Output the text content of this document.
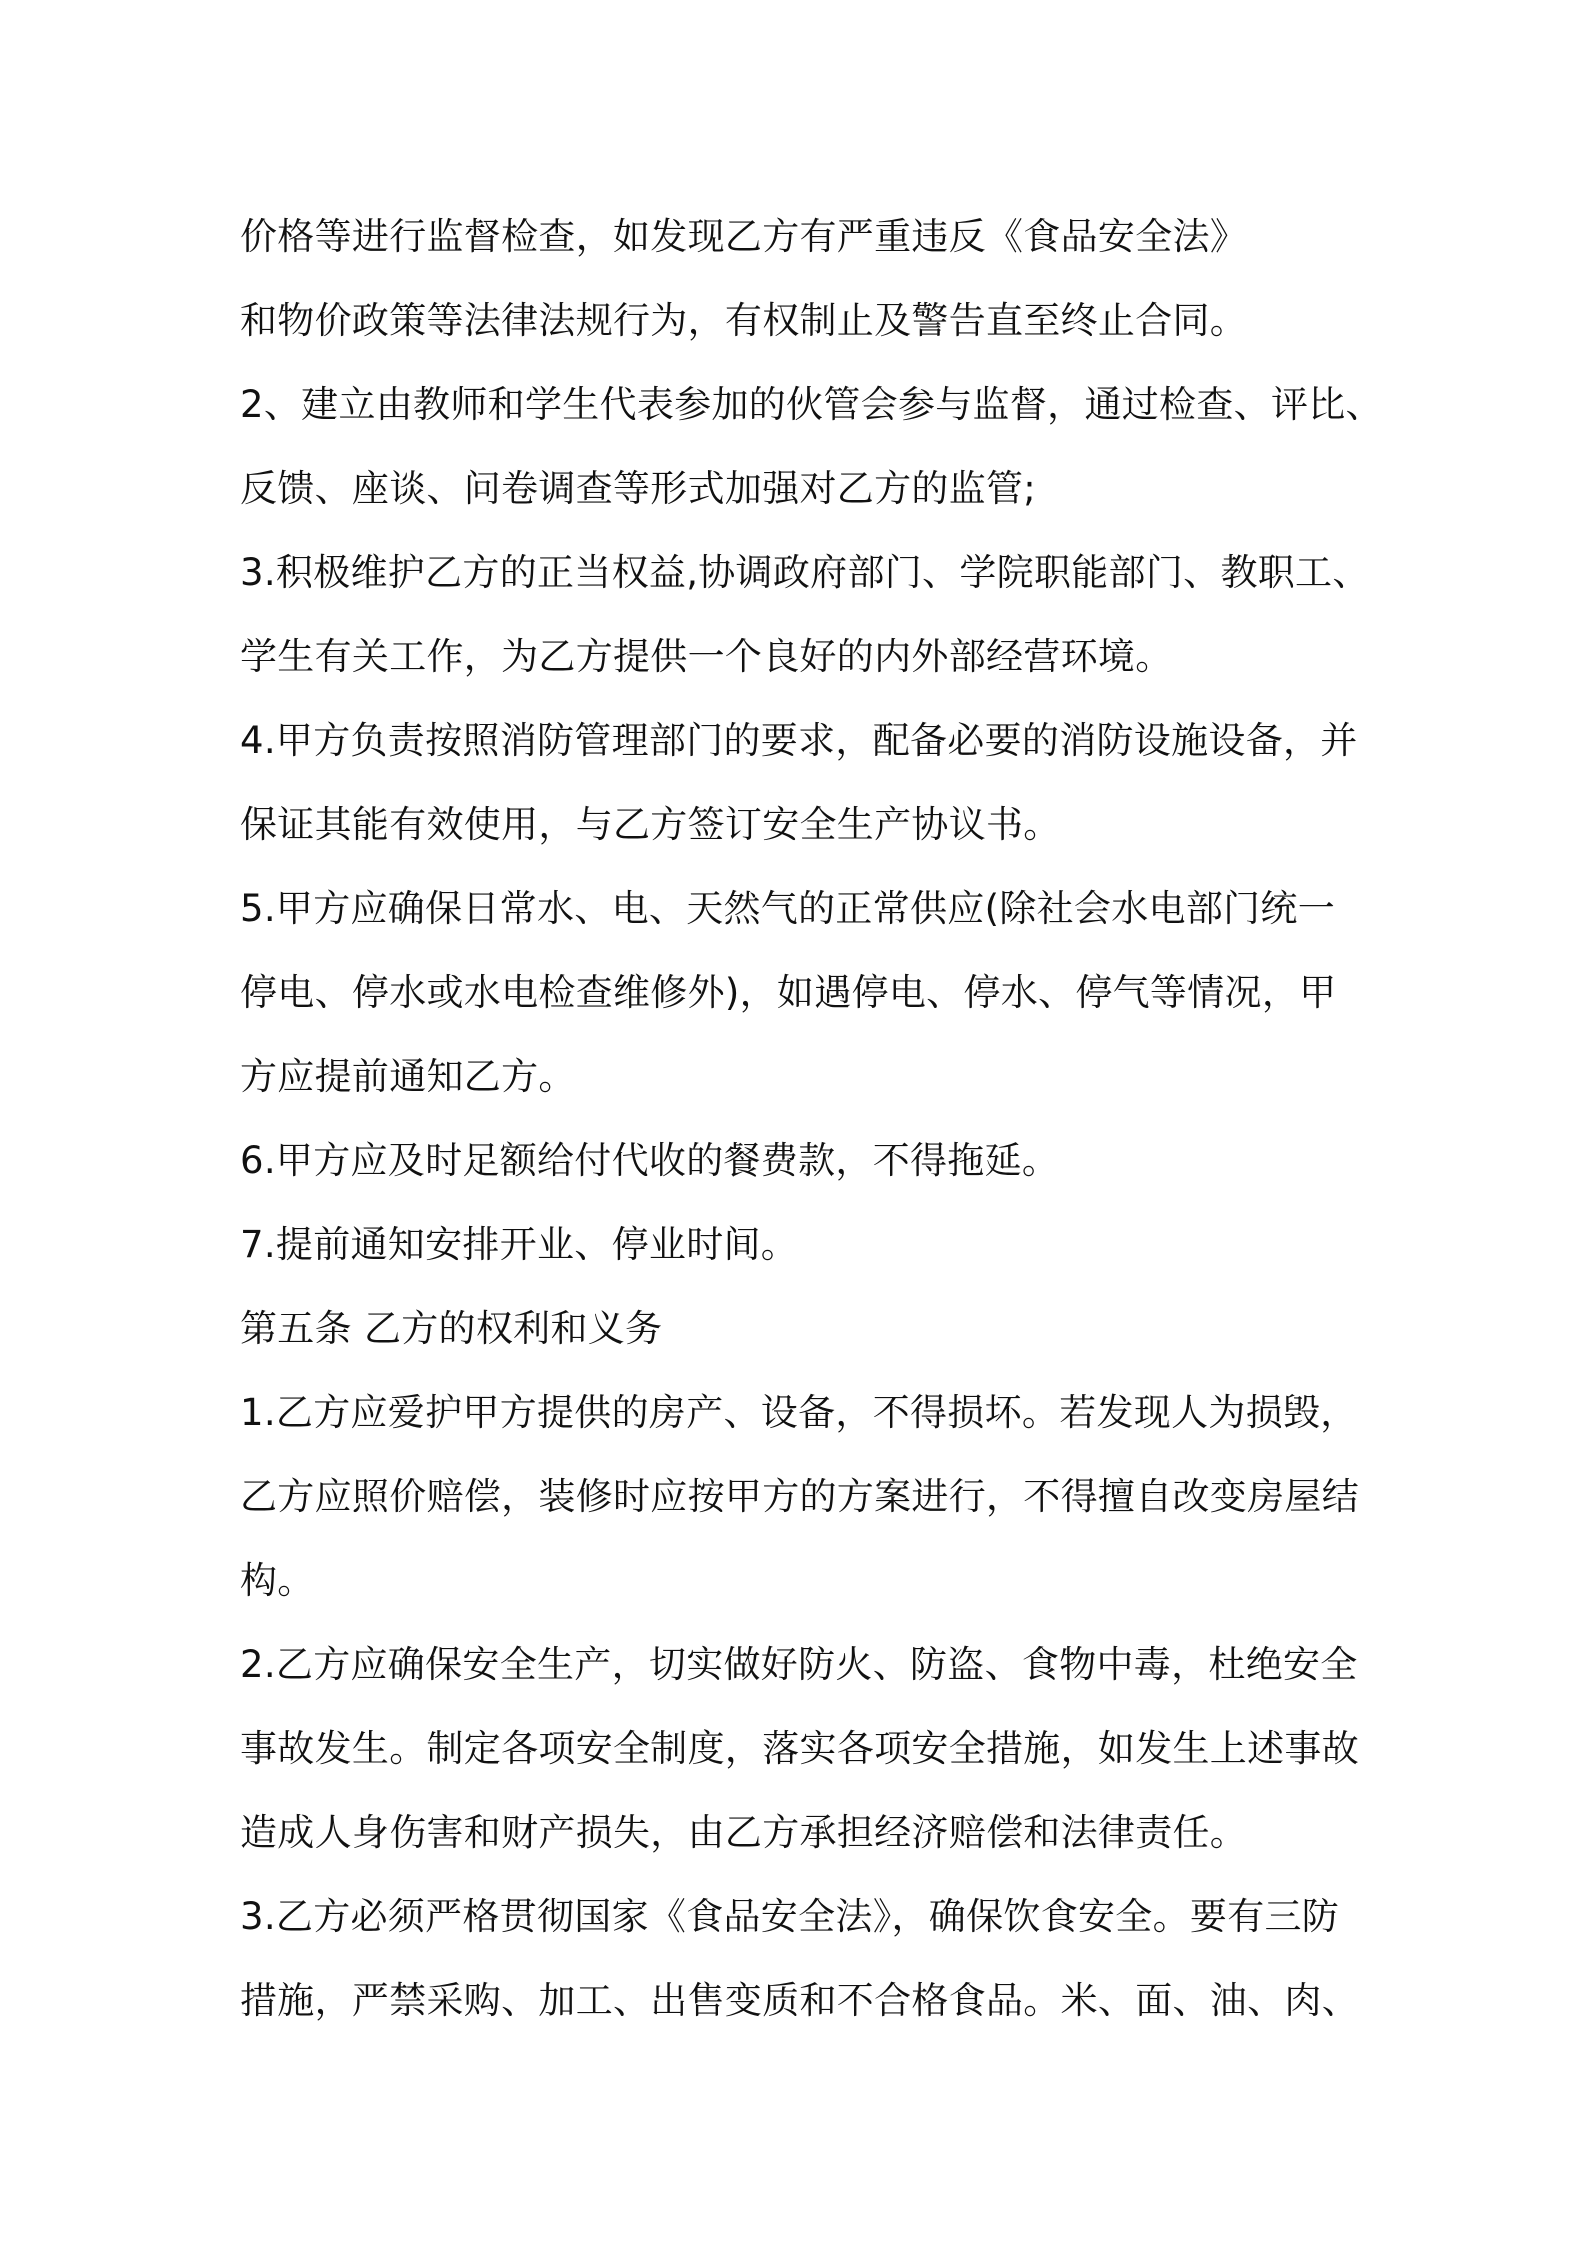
价格等进行监督检查，如发现乙方有严重违反《食品安全法》
和物价政策等法律法规行为，有权制止及警告直至终止合同。
2、建立由教师和学生代表参加的伙管会参与监督，通过检查、评比、
反馈、座谈、问卷调查等形式加强对乙方的监管;
3.积极维护乙方的正当权益,协调政府部门、学院职能部门、教职工、
学生有关工作，为乙方提供一个良好的内外部经营环境。
4.甲方负责按照消防管理部门的要求，配备必要的消防设施设备，并
保证其能有效使用，与乙方签订安全生产协议书。
5.甲方应确保日常水、电、天然气的正常供应(除社会水电部门统一
停电、停水或水电检查维修外)，如遇停电、停水、停气等情况，甲
方应提前通知乙方。
6.甲方应及时足额给付代收的餐费款，不得拖延。
7.提前通知安排开业、停业时间。
第五条 乙方的权利和义务
1.乙方应爱护甲方提供的房产、设备，不得损坏。若发现人为损毁，
乙方应照价赔偿，装修时应按甲方的方案进行，不得擅自改变房屋结
构。
2.乙方应确保安全生产，切实做好防火、防盗、食物中毒，杜绝安全
事故发生。制定各项安全制度，落实各项安全措施，如发生上述事故
造成人身伤害和财产损失，由乙方承担经济赔偿和法律责任。
3.乙方必须严格贯彻国家《食品安全法》，确保饮食安全。要有三防
措施，严禁采购、加工、出售变质和不合格食品。米、面、油、肉、
